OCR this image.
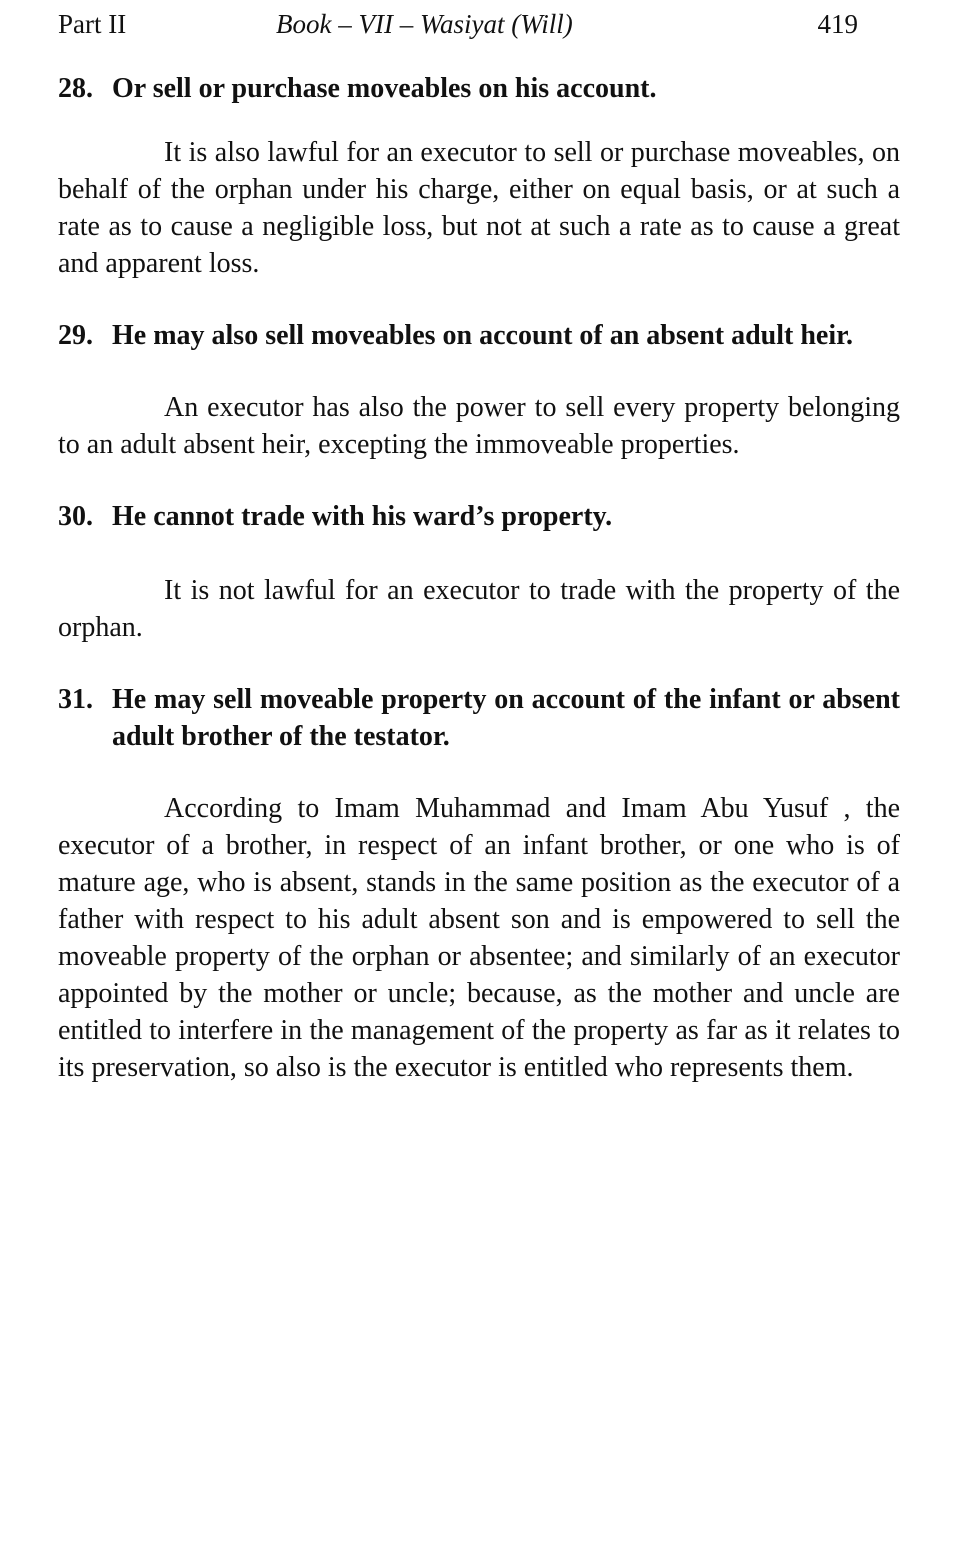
Part II	Book – VII – Wasiyat (Will)	419

28. Or sell or purchase moveables on his account.

It is also lawful for an executor to sell or purchase moveables, on behalf of the orphan under his charge, either on equal basis, or at such a rate as to cause a negligible loss, but not at such a rate as to cause a great and apparent loss.

29. He may also sell moveables on account of an absent adult heir.

An executor has also the power to sell every property belonging to an adult absent heir, excepting the immoveable properties.

30. He cannot trade with his ward’s property.

It is not lawful for an executor to trade with the property of the orphan.

31. He may sell moveable property on account of the infant or absent adult brother of the testator.

According to Imam Muhammad and Imam Abu Yusuf , the executor of a brother, in respect of an infant brother, or one who is of mature age, who is absent, stands in the same position as the executor of a father with respect to his adult absent son and is empowered to sell the moveable property of the orphan or absentee; and similarly of an executor appointed by the mother or uncle; because, as the mother and uncle are entitled to interfere in the management of the property as far as it relates to its preservation, so also is the executor is entitled who represents them.
